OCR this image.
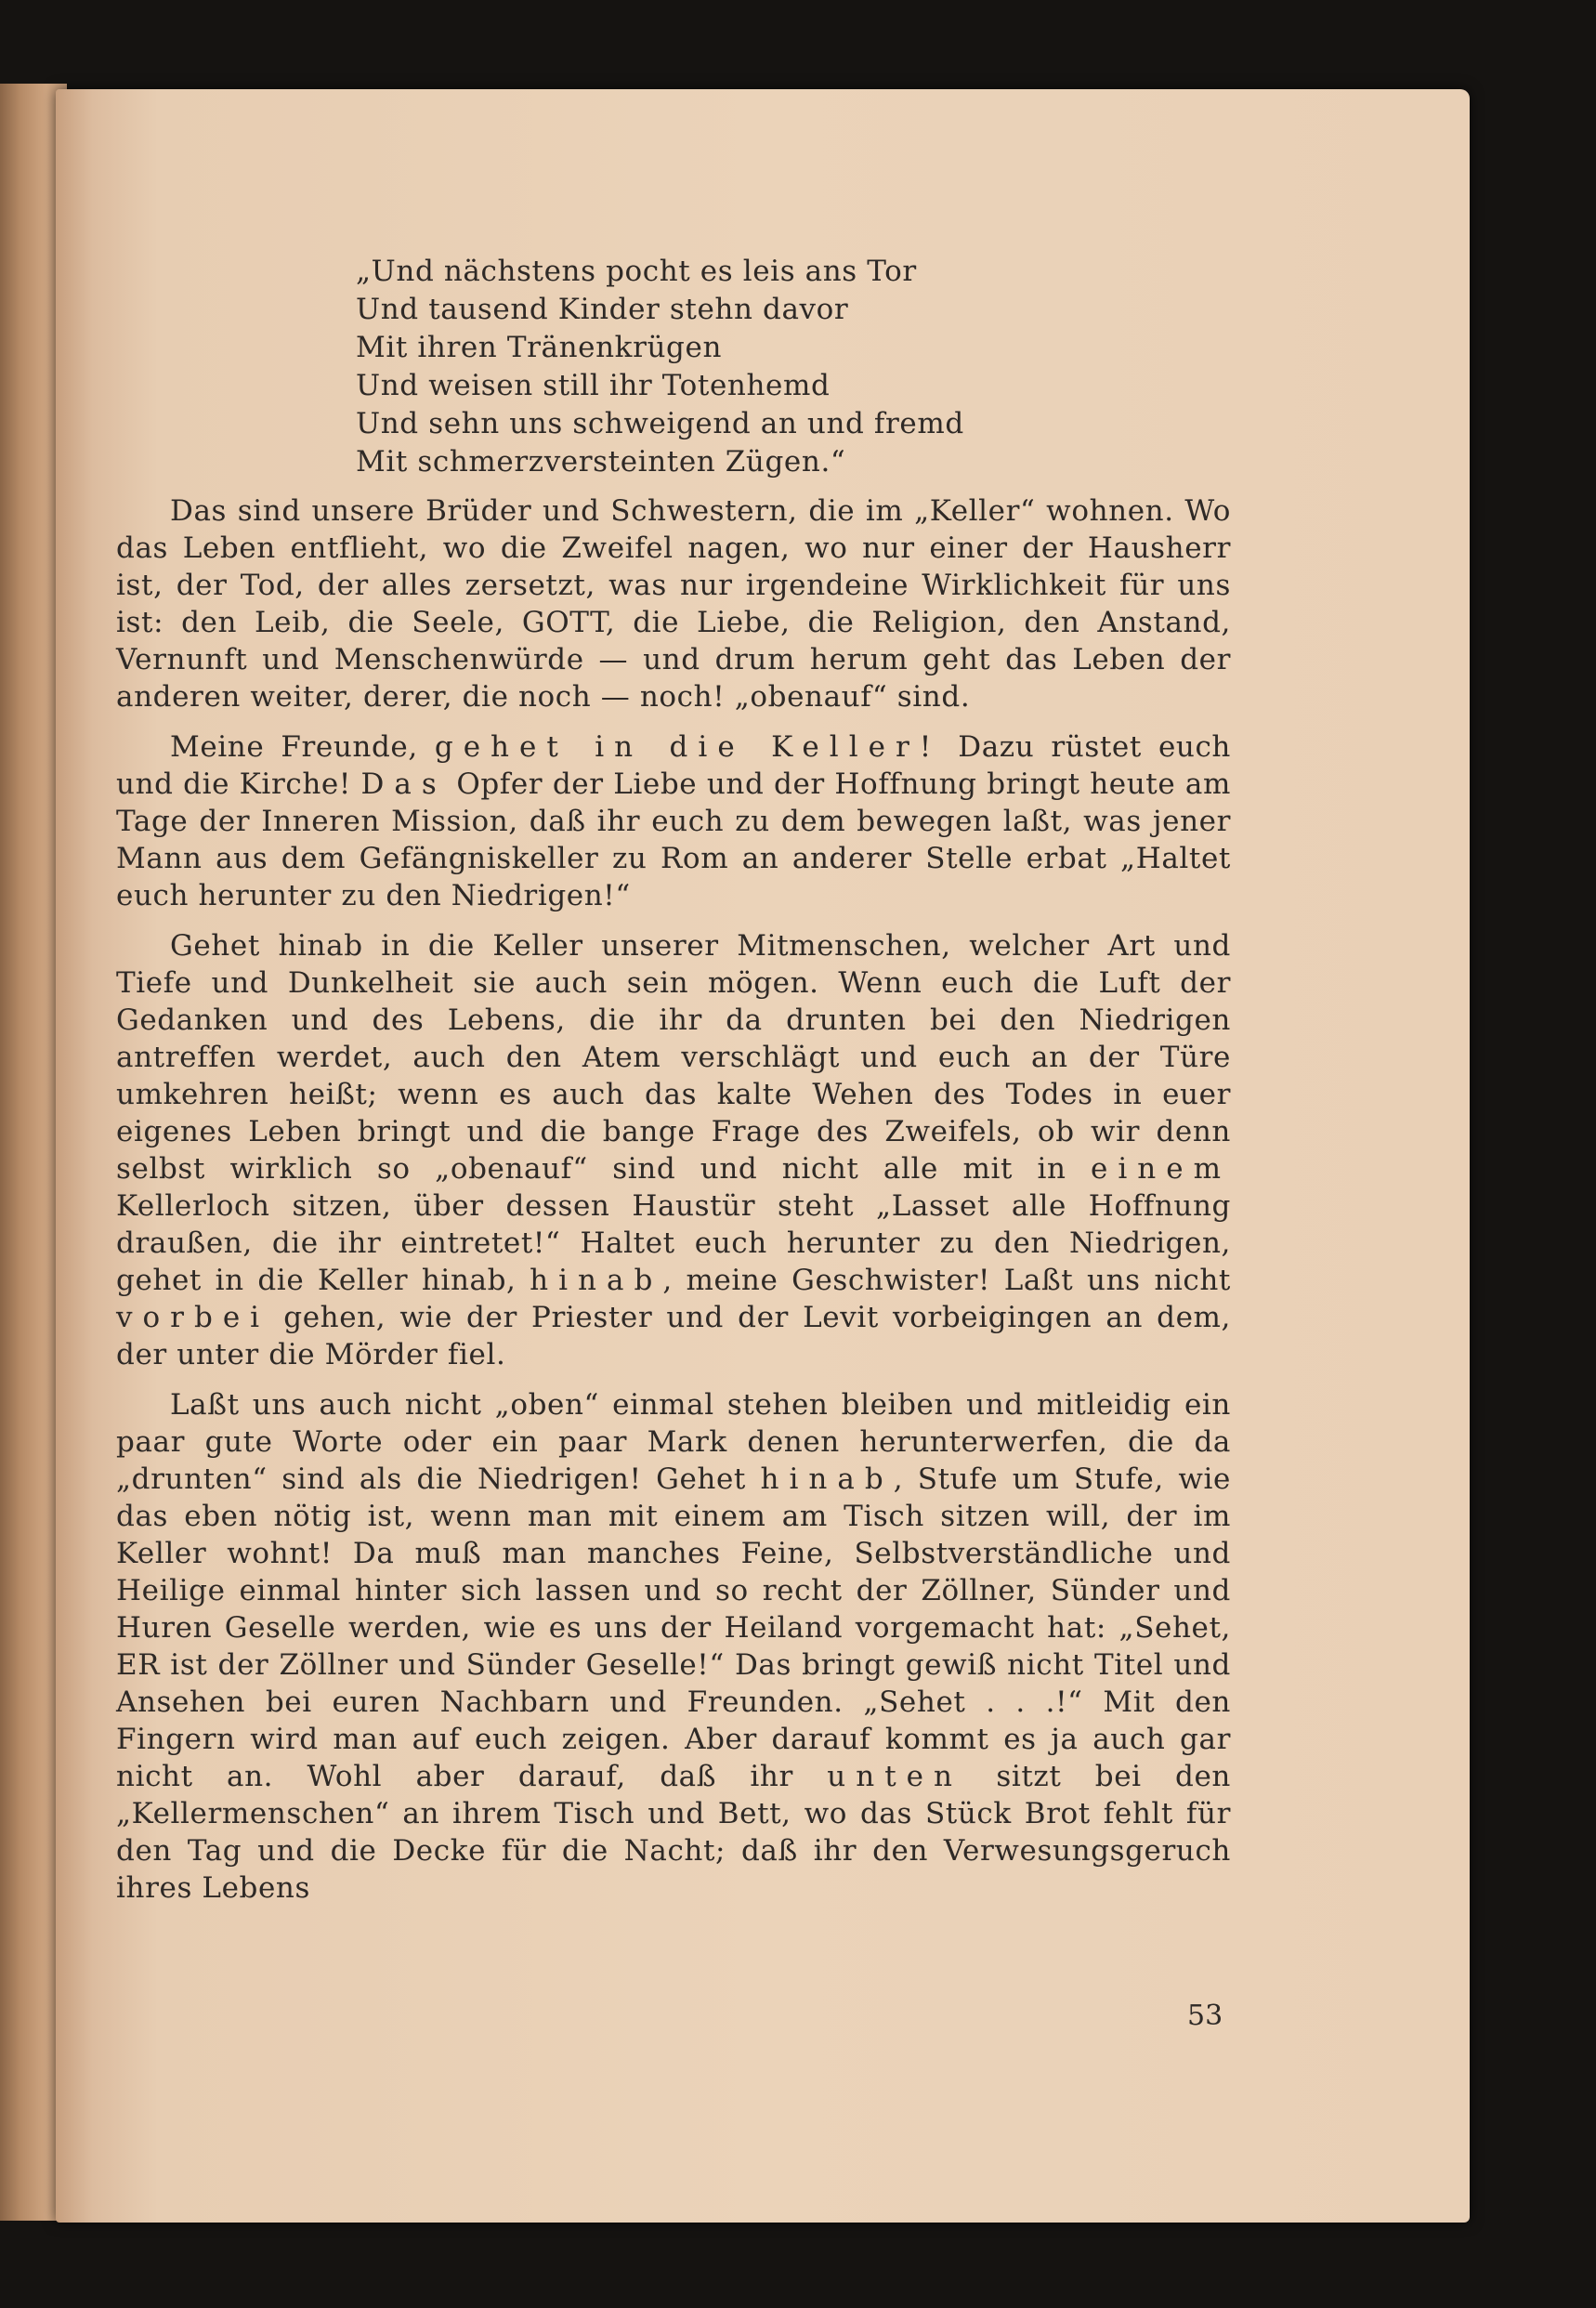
„Und nächstens pocht es leis ans Tor
Und tausend Kinder stehn davor
Mit ihren Tränenkrügen
Und weisen still ihr Totenhemd
Und sehn uns schweigend an und fremd
Mit schmerzversteinten Zügen.“

Das sind unsere Brüder und Schwestern, die im „Keller“ wohnen. Wo das Leben entflieht, wo die Zweifel nagen, wo nur einer der Hausherr ist, der Tod, der alles zersetzt, was nur irgendeine Wirklichkeit für uns ist: den Leib, die Seele, GOTT, die Liebe, die Religion, den Anstand, Vernunft und Menschenwürde — und drum herum geht das Leben der anderen weiter, derer, die noch — noch! „obenauf“ sind.

Meine Freunde, gehet in die Keller! Dazu rüstet euch und die Kirche! Das Opfer der Liebe und der Hoffnung bringt heute am Tage der Inneren Mission, daß ihr euch zu dem bewegen laßt, was jener Mann aus dem Gefängniskeller zu Rom an anderer Stelle erbat „Haltet euch herunter zu den Niedrigen!“

Gehet hinab in die Keller unserer Mitmenschen, welcher Art und Tiefe und Dunkelheit sie auch sein mögen. Wenn euch die Luft der Gedanken und des Lebens, die ihr da drunten bei den Niedrigen antreffen werdet, auch den Atem verschlägt und euch an der Türe umkehren heißt; wenn es auch das kalte Wehen des Todes in euer eigenes Leben bringt und die bange Frage des Zweifels, ob wir denn selbst wirklich so „obenauf“ sind und nicht alle mit in einem Kellerloch sitzen, über dessen Haustür steht „Lasset alle Hoffnung draußen, die ihr eintretet!“ Haltet euch herunter zu den Niedrigen, gehet in die Keller hinab, hinab, meine Geschwister! Laßt uns nicht vorbei gehen, wie der Priester und der Levit vorbeigingen an dem, der unter die Mörder fiel.

Laßt uns auch nicht „oben“ einmal stehen bleiben und mitleidig ein paar gute Worte oder ein paar Mark denen herunterwerfen, die da „drunten“ sind als die Niedrigen! Gehet hinab, Stufe um Stufe, wie das eben nötig ist, wenn man mit einem am Tisch sitzen will, der im Keller wohnt! Da muß man manches Feine, Selbstverständliche und Heilige einmal hinter sich lassen und so recht der Zöllner, Sünder und Huren Geselle werden, wie es uns der Heiland vorgemacht hat: „Sehet, ER ist der Zöllner und Sünder Geselle!“ Das bringt gewiß nicht Titel und Ansehen bei euren Nachbarn und Freunden. „Sehet . . .!“ Mit den Fingern wird man auf euch zeigen. Aber darauf kommt es ja auch gar nicht an. Wohl aber darauf, daß ihr unten sitzt bei den „Kellermenschen“ an ihrem Tisch und Bett, wo das Stück Brot fehlt für den Tag und die Decke für die Nacht; daß ihr den Verwesungsgeruch ihres Lebens

53
